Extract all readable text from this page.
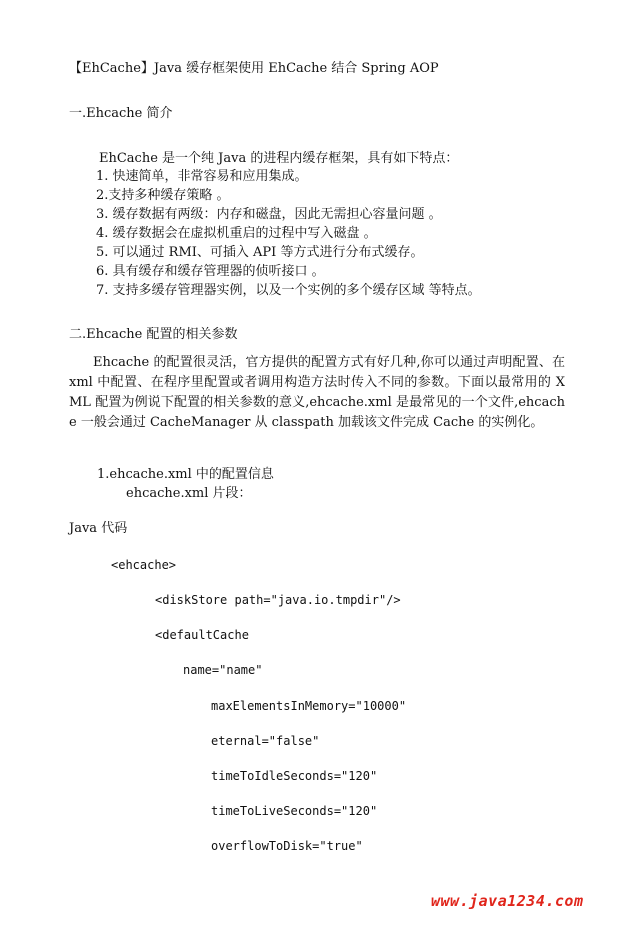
【EhCache】Java 缓存框架使用 EhCache 结合 Spring AOP

一.Ehcache 简介

EhCache 是一个纯 Java 的进程内缓存框架，具有如下特点：

1. 快速简单，非常容易和应用集成。
2.支持多种缓存策略 。
3. 缓存数据有两级：内存和磁盘，因此无需担心容量问题 。
4. 缓存数据会在虚拟机重启的过程中写入磁盘 。
5. 可以通过 RMI、可插入 API 等方式进行分布式缓存。
6. 具有缓存和缓存管理器的侦听接口 。
7. 支持多缓存管理器实例，以及一个实例的多个缓存区域 等特点。

二.Ehcache 配置的相关参数

Ehcache 的配置很灵活，官方提供的配置方式有好几种,你可以通过声明配置、在 xml 中配置、在程序里配置或者调用构造方法时传入不同的参数。下面以最常用的 XML 配置为例说下配置的相关参数的意义,ehcache.xml 是最常见的一个文件,ehcache 一般会通过 CacheManager 从 classpath 加载该文件完成 Cache 的实例化。

1.ehcache.xml 中的配置信息

ehcache.xml 片段：

Java 代码

<ehcache>

<diskStore path="java.io.tmpdir"/>

<defaultCache

name="name"

maxElementsInMemory="10000"

eternal="false"

timeToIdleSeconds="120"

timeToLiveSeconds="120"

overflowToDisk="true"

www.java1234.com
